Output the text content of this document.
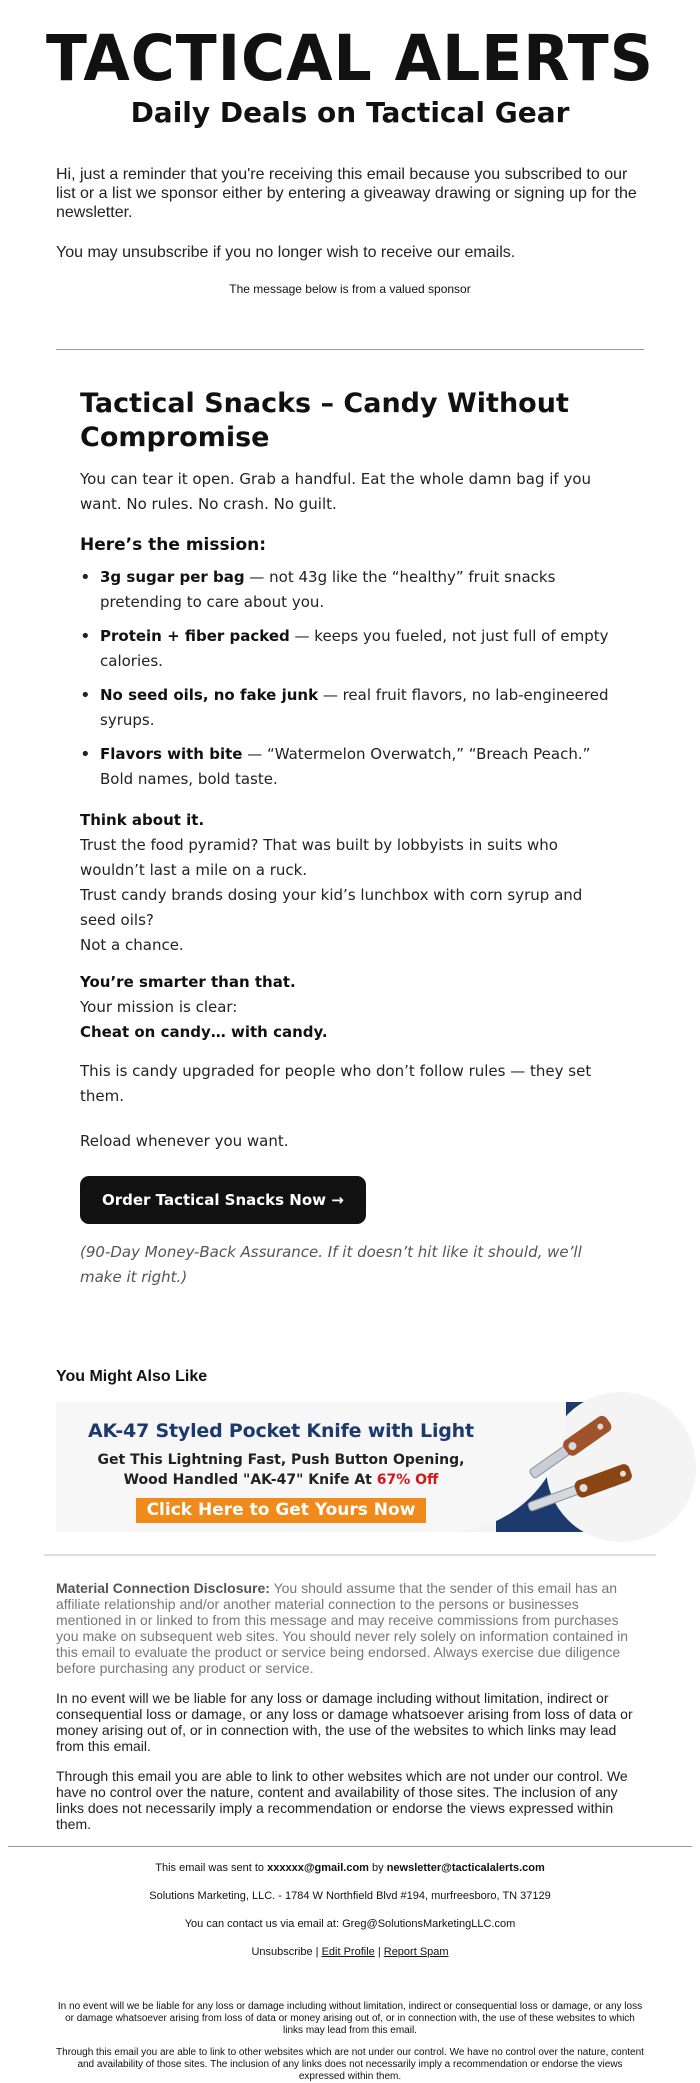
TACTICAL ALERTS
Daily Deals on Tactical Gear

Hi, just a reminder that you're receiving this email because you subscribed to our list or a list we sponsor either by entering a giveaway drawing or signing up for the newsletter.

You may unsubscribe if you no longer wish to receive our emails.

The message below is from a valued sponsor
Tactical Snacks – Candy Without Compromise

You can tear it open. Grab a handful. Eat the whole damn bag if you want. No rules. No crash. No guilt.

Here’s the mission:
• 3g sugar per bag — not 43g like the “healthy” fruit snacks pretending to care about you.
• Protein + fiber packed — keeps you fueled, not just full of empty calories.
• No seed oils, no fake junk — real fruit flavors, no lab-engineered syrups.
• Flavors with bite — “Watermelon Overwatch,” “Breach Peach.” Bold names, bold taste.

Think about it.

Trust the food pyramid? That was built by lobbyists in suits who wouldn’t last a mile on a ruck.

Trust candy brands dosing your kid’s lunchbox with corn syrup and seed oils?

Not a chance.

You’re smarter than that.

Your mission is clear:

Cheat on candy… with candy.

This is candy upgraded for people who don’t follow rules — they set them.

Reload whenever you want.

Order Tactical Snacks Now →

(90-Day Money-Back Assurance. If it doesn’t hit like it should, we’ll make it right.)

You Might Also Like
AK-47 Styled Pocket Knife with Light
Get This Lightning Fast, Push Button Opening, Wood Handled "AK-47" Knife At 67% Off
Click Here to Get Yours Now

Material Connection Disclosure: You should assume that the sender of this email has an affiliate relationship and/or another material connection to the persons or businesses mentioned in or linked to from this message and may receive commissions from purchases you make on subsequent web sites. You should never rely solely on information contained in this email to evaluate the product or service being endorsed. Always exercise due diligence before purchasing any product or service.

In no event will we be liable for any loss or damage including without limitation, indirect or consequential loss or damage, or any loss or damage whatsoever arising from loss of data or money arising out of, or in connection with, the use of the websites to which links may lead from this email.

Through this email you are able to link to other websites which are not under our control. We have no control over the nature, content and availability of those sites. The inclusion of any links does not necessarily imply a recommendation or endorse the views expressed within them.

This email was sent to xxxxxx@gmail.com by newsletter@tacticalalerts.com

Solutions Marketing, LLC. - 1784 W Northfield Blvd #194, murfreesboro, TN 37129

You can contact us via email at: Greg@SolutionsMarketingLLC.com

Unsubscribe | Edit Profile | Report Spam

In no event will we be liable for any loss or damage including without limitation, indirect or consequential loss or damage, or any loss or damage whatsoever arising from loss of data or money arising out of, or in connection with, the use of these websites to which links may lead from this email.

Through this email you are able to link to other websites which are not under our control. We have no control over the nature, content and availability of those sites. The inclusion of any links does not necessarily imply a recommendation or endorse the views expressed within them.
